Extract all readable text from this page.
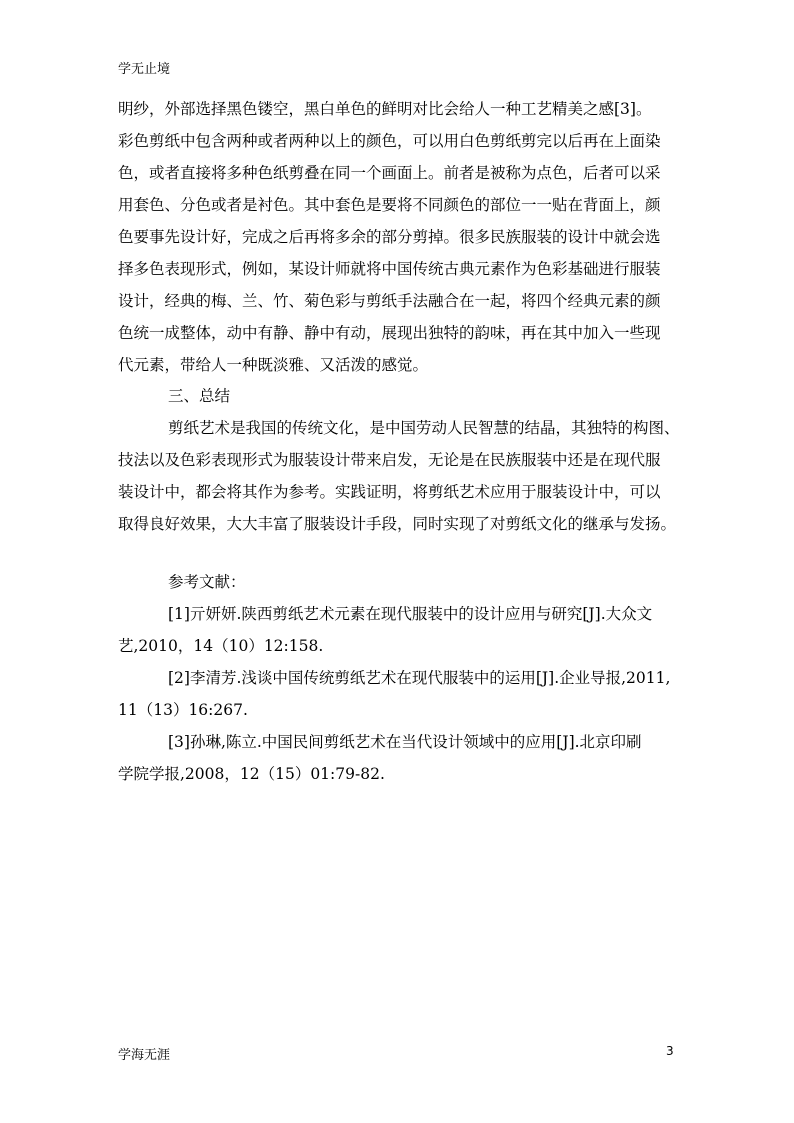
学无止境
明纱，外部选择黑色镂空，黑白单色的鲜明对比会给人一种工艺精美之感[3]。
彩色剪纸中包含两种或者两种以上的颜色，可以用白色剪纸剪完以后再在上面染
色，或者直接将多种色纸剪叠在同一个画面上。前者是被称为点色，后者可以采
用套色、分色或者是衬色。其中套色是要将不同颜色的部位一一贴在背面上，颜
色要事先设计好，完成之后再将多余的部分剪掉。很多民族服装的设计中就会选
择多色表现形式，例如，某设计师就将中国传统古典元素作为色彩基础进行服装
设计，经典的梅、兰、竹、菊色彩与剪纸手法融合在一起，将四个经典元素的颜
色统一成整体，动中有静、静中有动，展现出独特的韵味，再在其中加入一些现
代元素，带给人一种既淡雅、又活泼的感觉。
三、总结
剪纸艺术是我国的传统文化，是中国劳动人民智慧的结晶，其独特的构图、
技法以及色彩表现形式为服装设计带来启发，无论是在民族服装中还是在现代服
装设计中，都会将其作为参考。实践证明，将剪纸艺术应用于服装设计中，可以
取得良好效果，大大丰富了服装设计手段，同时实现了对剪纸文化的继承与发扬。
参考文献：
[1]亓妍妍.陕西剪纸艺术元素在现代服装中的设计应用与研究[J].大众文
艺,2010，14（10）12:158.
[2]李清芳.浅谈中国传统剪纸艺术在现代服装中的运用[J].企业导报,2011,
11（13）16:267.
[3]孙琳,陈立.中国民间剪纸艺术在当代设计领域中的应用[J].北京印刷
学院学报,2008，12（15）01:79-82.
学海无涯	3
